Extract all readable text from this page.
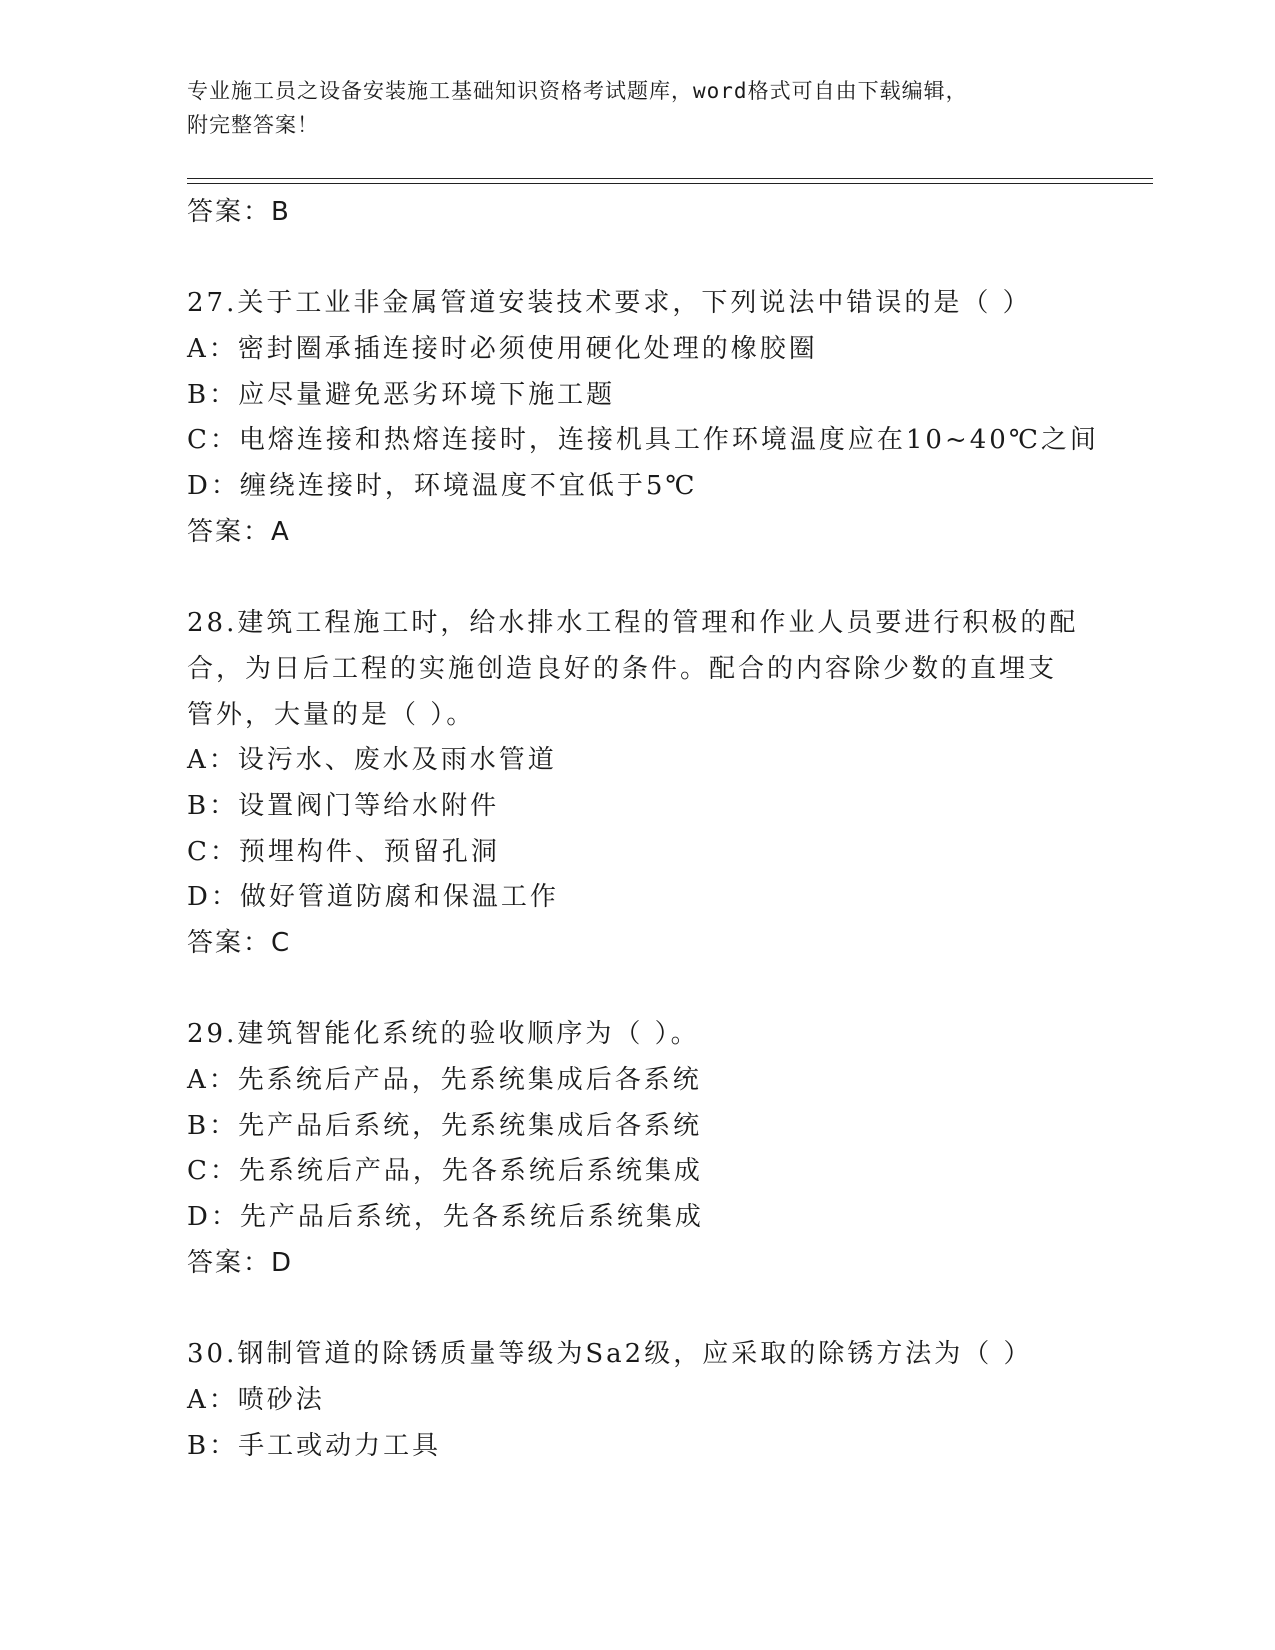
专业施工员之设备安装施工基础知识资格考试题库，word格式可自由下载编辑，
附完整答案！
答案：B
27.关于工业非金属管道安装技术要求，下列说法中错误的是（ ）
A：密封圈承插连接时必须使用硬化处理的橡胶圈
B：应尽量避免恶劣环境下施工题
C：电熔连接和热熔连接时，连接机具工作环境温度应在10~40℃之间
D：缠绕连接时，环境温度不宜低于5℃
答案：A
28.建筑工程施工时，给水排水工程的管理和作业人员要进行积极的配
合，为日后工程的实施创造良好的条件。配合的内容除少数的直埋支
管外，大量的是（ ）。
A：设污水、废水及雨水管道
B：设置阀门等给水附件
C：预埋构件、预留孔洞
D：做好管道防腐和保温工作
答案：C
29.建筑智能化系统的验收顺序为（ ）。
A：先系统后产品，先系统集成后各系统
B：先产品后系统，先系统集成后各系统
C：先系统后产品，先各系统后系统集成
D：先产品后系统，先各系统后系统集成
答案：D
30.钢制管道的除锈质量等级为Sa2级，应采取的除锈方法为（ ）
A：喷砂法
B：手工或动力工具
